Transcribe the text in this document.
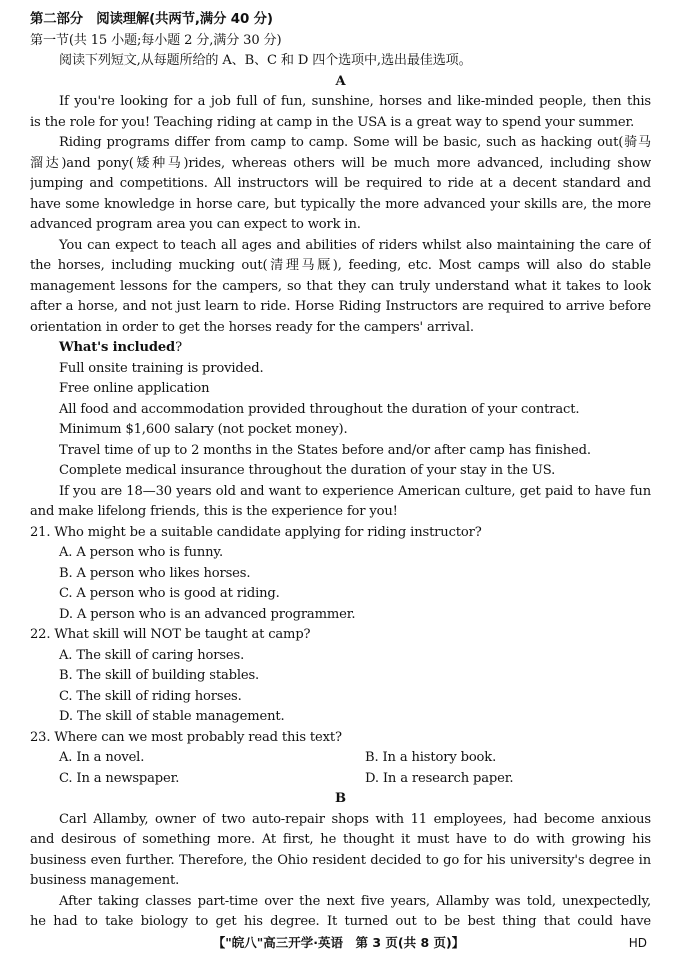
第二部分　阅读理解(共两节,满分 40 分)
第一节(共 15 小题;每小题 2 分,满分 30 分)
阅读下列短文,从每题所给的 A、B、C 和 D 四个选项中,选出最佳选项。
A
If you're looking for a job full of fun, sunshine, horses and like-minded people, then this
is the role for you! Teaching riding at camp in the USA is a great way to spend your summer.
Riding programs differ from camp to camp. Some will be basic, such as hacking out(骑马
溜达)and pony(矮种马)rides, whereas others will be much more advanced, including show
jumping and competitions. All instructors will be required to ride at a decent standard and
have some knowledge in horse care, but typically the more advanced your skills are, the more
advanced program area you can expect to work in.
You can expect to teach all ages and abilities of riders whilst also maintaining the care of
the horses, including mucking out(清理马厩), feeding, etc. Most camps will also do stable
management lessons for the campers, so that they can truly understand what it takes to look
after a horse, and not just learn to ride. Horse Riding Instructors are required to arrive before
orientation in order to get the horses ready for the campers' arrival.
What's included?
Full onsite training is provided.
Free online application
All food and accommodation provided throughout the duration of your contract.
Minimum $1,600 salary (not pocket money).
Travel time of up to 2 months in the States before and/or after camp has finished.
Complete medical insurance throughout the duration of your stay in the US.
If you are 18—30 years old and want to experience American culture, get paid to have fun
and make lifelong friends, this is the experience for you!
21. Who might be a suitable candidate applying for riding instructor?
A. A person who is funny.
B. A person who likes horses.
C. A person who is good at riding.
D. A person who is an advanced programmer.
22. What skill will NOT be taught at camp?
A. The skill of caring horses.
B. The skill of building stables.
C. The skill of riding horses.
D. The skill of stable management.
23. Where can we most probably read this text?
A. In a novel.	B. In a history book.
C. In a newspaper.	D. In a research paper.
B
Carl Allamby, owner of two auto-repair shops with 11 employees, had become anxious
and desirous of something more. At first, he thought it must have to do with growing his
business even further. Therefore, the Ohio resident decided to go for his university's degree in
business management.
After taking classes part-time over the next five years, Allamby was told, unexpectedly,
he had to take biology to get his degree. It turned out to be best thing that could have
【"皖八"高三开学·英语　第 3 页(共 8 页)】	HD
